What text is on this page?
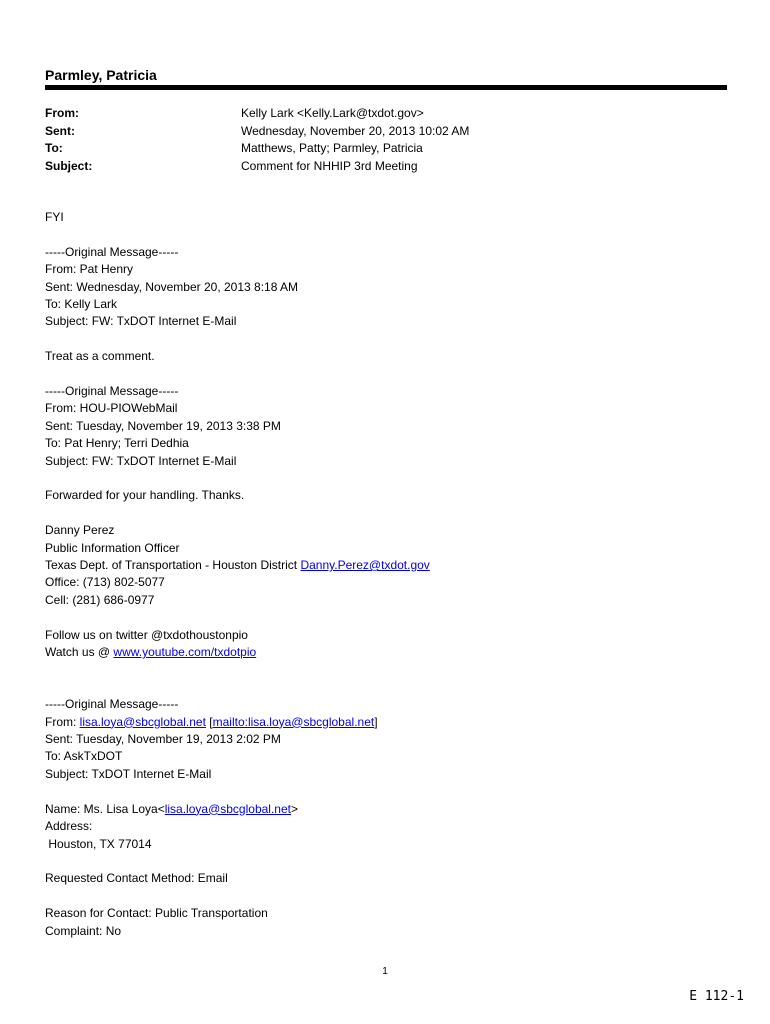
Parmley, Patricia
From:	Kelly Lark <Kelly.Lark@txdot.gov>
Sent:	Wednesday, November 20, 2013 10:02 AM
To:	Matthews, Patty; Parmley, Patricia
Subject:	Comment for NHHIP 3rd Meeting
FYI
-----Original Message-----
From: Pat Henry
Sent: Wednesday, November 20, 2013 8:18 AM
To: Kelly Lark
Subject: FW: TxDOT Internet E-Mail
Treat as a comment.
-----Original Message-----
From: HOU-PIOWebMail
Sent: Tuesday, November 19, 2013 3:38 PM
To: Pat Henry; Terri Dedhia
Subject: FW: TxDOT Internet E-Mail
Forwarded for your handling. Thanks.
Danny Perez
Public Information Officer
Texas Dept. of Transportation - Houston District Danny.Perez@txdot.gov
Office: (713) 802-5077
Cell: (281) 686-0977
Follow us on twitter @txdothoustonpio
Watch us @ www.youtube.com/txdotpio
-----Original Message-----
From: lisa.loya@sbcglobal.net [mailto:lisa.loya@sbcglobal.net]
Sent: Tuesday, November 19, 2013 2:02 PM
To: AskTxDOT
Subject: TxDOT Internet E-Mail
Name: Ms. Lisa Loya<lisa.loya@sbcglobal.net>
Address:
Houston, TX 77014
Requested Contact Method: Email
Reason for Contact: Public Transportation
Complaint: No
1
E 112-1
